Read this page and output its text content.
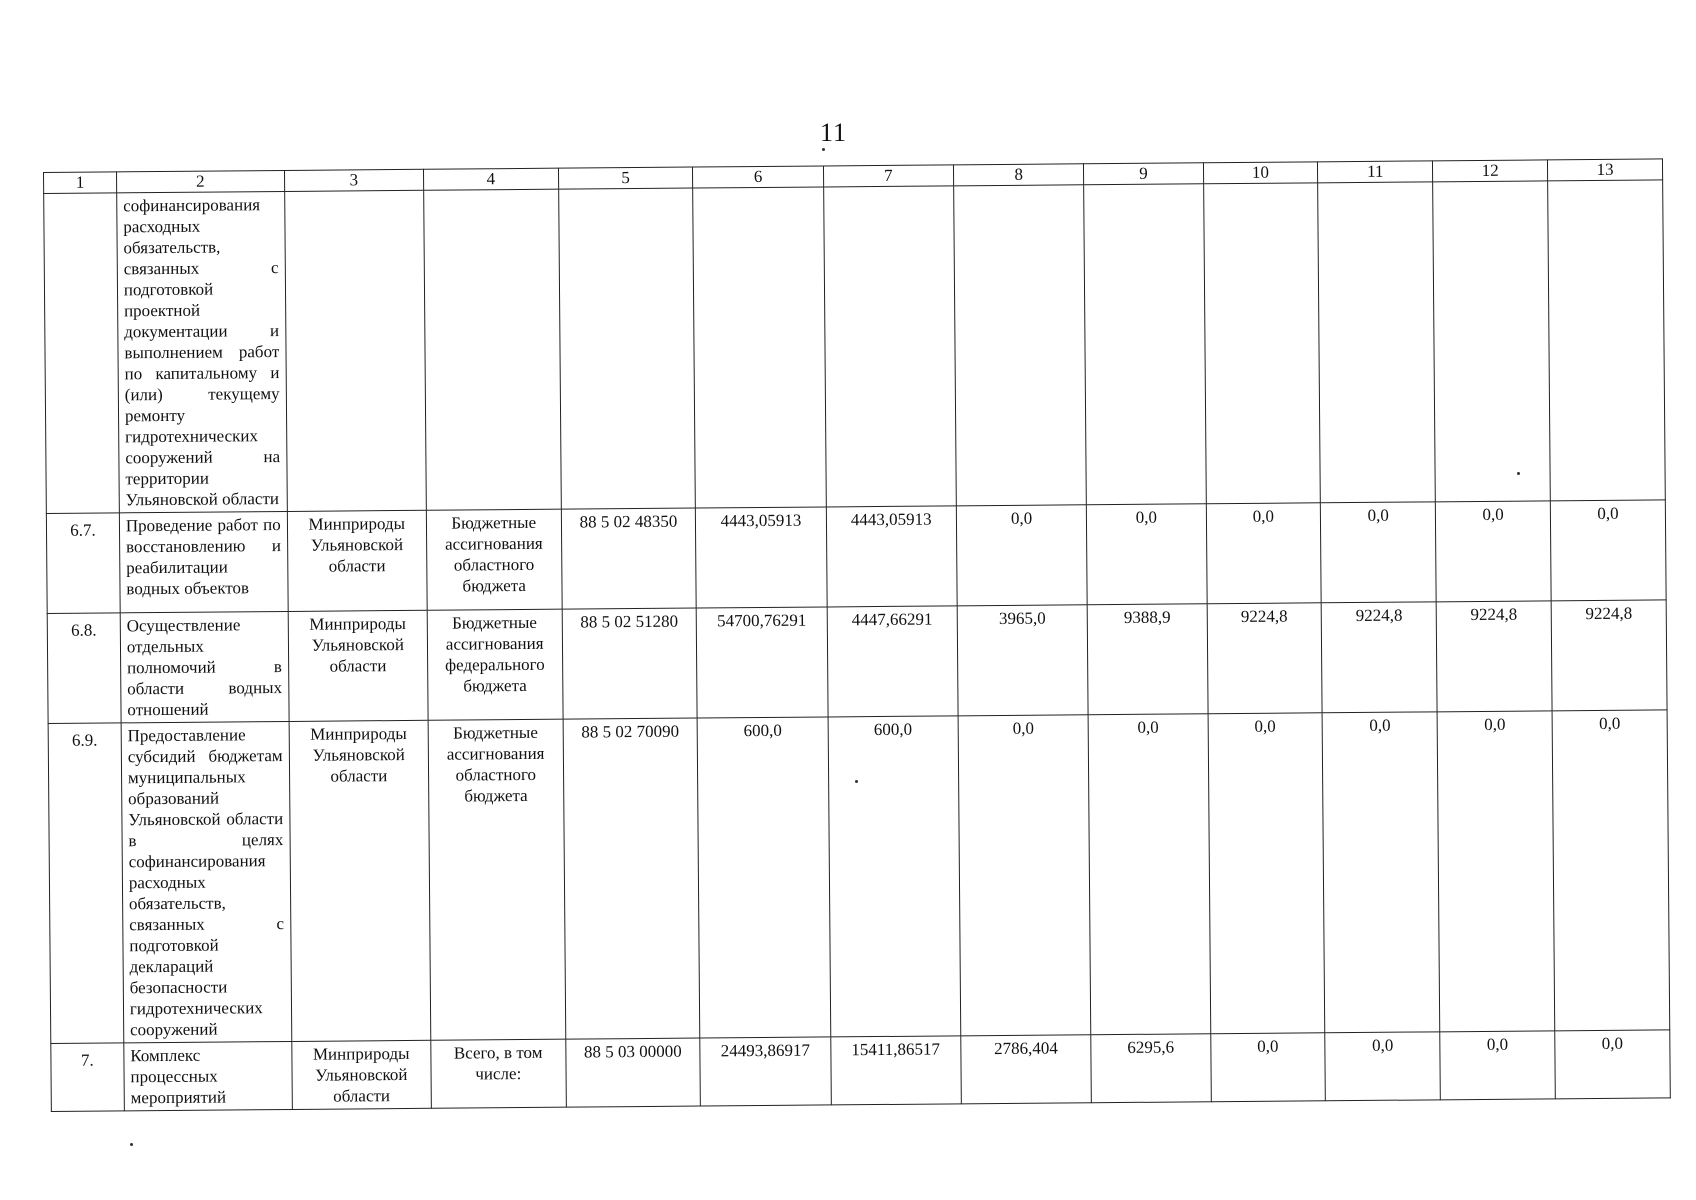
11
1	2	3	4	5	6	7	8	9	10	11	12	13
	софинансирования расходных обязательств, связанных с подготовкой проектной документации и выполнением работ по капитальному и (или) текущему ремонту гидротехнических сооружений на территории Ульяновской области											
6.7.	Проведение работ по восстановлению и реабилитации водных объектов	Минприроды Ульяновской области	Бюджетные ассигнования областного бюджета	88 5 02 48350	4443,05913	4443,05913	0,0	0,0	0,0	0,0	0,0	0,0
6.8.	Осуществление отдельных полномочий в области водных отношений	Минприроды Ульяновской области	Бюджетные ассигнования федерального бюджета	88 5 02 51280	54700,76291	4447,66291	3965,0	9388,9	9224,8	9224,8	9224,8	9224,8
6.9.	Предоставление субсидий бюджетам муниципальных образований Ульяновской области в целях софинансирования расходных обязательств, связанных с подготовкой деклараций безопасности гидротехнических сооружений	Минприроды Ульяновской области	Бюджетные ассигнования областного бюджета	88 5 02 70090	600,0	600,0	0,0	0,0	0,0	0,0	0,0	0,0
7.	Комплекс процессных мероприятий	Минприроды Ульяновской области	Всего, в том числе:	88 5 03 00000	24493,86917	15411,86517	2786,404	6295,6	0,0	0,0	0,0	0,0
